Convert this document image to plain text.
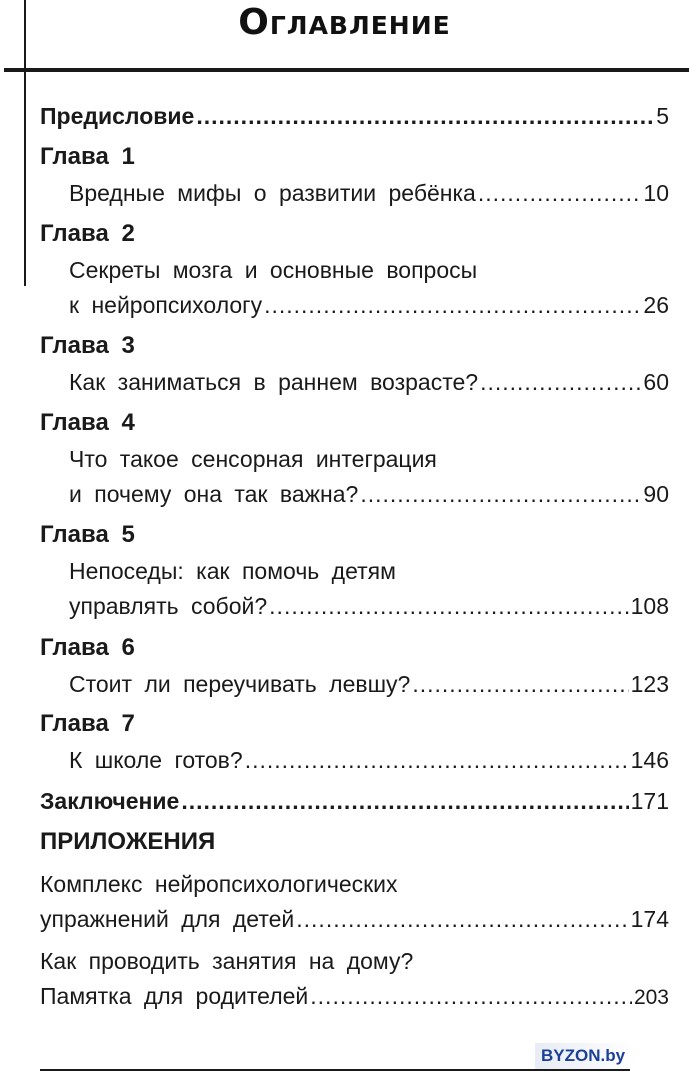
Оглавление
Предисловие .....	5
Глава 1
Вредные мифы о развитии ребёнка .....	10
Глава 2
Секреты мозга и основные вопросы
к нейропсихологу .....	26
Глава 3
Как заниматься в раннем возрасте? .....	60
Глава 4
Что такое сенсорная интеграция
и почему она так важна? .....	90
Глава 5
Непоседы: как помочь детям
управлять собой? .....	108
Глава 6
Стоит ли переучивать левшу? .....	123
Глава 7
К школе готов? .....	146
Заключение .....	171
ПРИЛОЖЕНИЯ
Комплекс нейропсихологических
упражнений для детей .....	174
Как проводить занятия на дому?
Памятка для родителей .....	203
BYZON.by
